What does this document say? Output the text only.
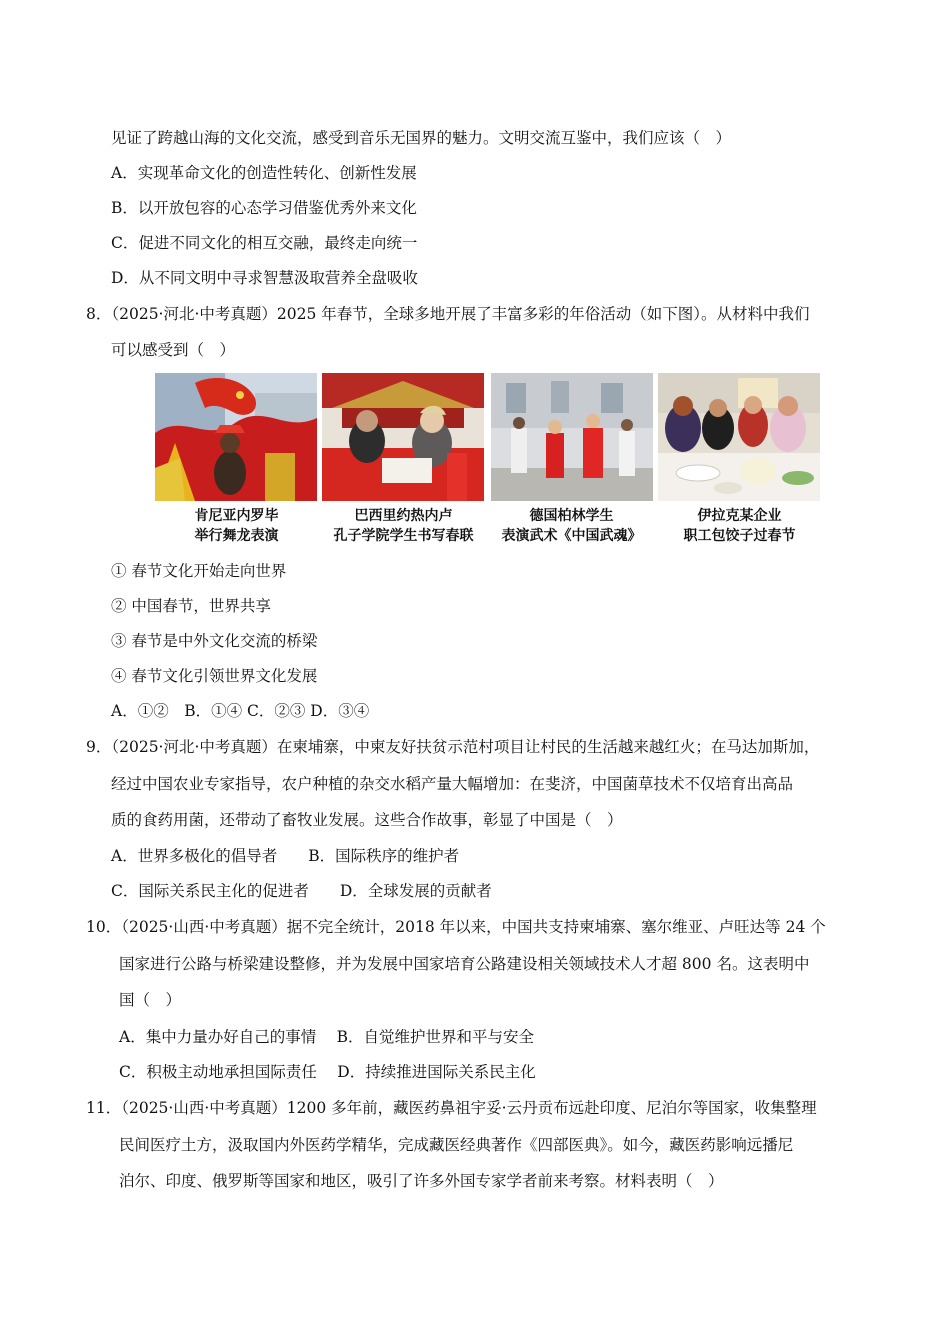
见证了跨越山海的文化交流，感受到音乐无国界的魅力。文明交流互鉴中，我们应该（　）
A．实现革命文化的创造性转化、创新性发展
B．以开放包容的心态学习借鉴优秀外来文化
C．促进不同文化的相互交融，最终走向统一
D．从不同文明中寻求智慧汲取营养全盘吸收
8．（2025·河北·中考真题）2025 年春节，全球多地开展了丰富多彩的年俗活动（如下图）。从材料中我们
可以感受到（　）
肯尼亚内罗毕
举行舞龙表演
巴西里约热内卢
孔子学院学生书写春联
德国柏林学生
表演武术《中国武魂》
伊拉克某企业
职工包饺子过春节
① 春节文化开始走向世界
② 中国春节，世界共享
③ 春节是中外文化交流的桥梁
④ 春节文化引领世界文化发展
A．①②　B．①④ C．②③ D．③④
9．（2025·河北·中考真题）在柬埔寨，中柬友好扶贫示范村项目让村民的生活越来越红火；在马达加斯加，
经过中国农业专家指导，农户种植的杂交水稻产量大幅增加：在斐济，中国菌草技术不仅培育出高品
质的食药用菌，还带动了畜牧业发展。这些合作故事，彰显了中国是（　）
A．世界多极化的倡导者　　B．国际秩序的维护者
C．国际关系民主化的促进者　　D．全球发展的贡献者
10．（2025·山西·中考真题）据不完全统计，2018 年以来，中国共支持柬埔寨、塞尔维亚、卢旺达等 24 个
国家进行公路与桥梁建设整修，并为发展中国家培育公路建设相关领域技术人才超 800 名。这表明中
国（　）
A．集中力量办好自己的事情　 B．自觉维护世界和平与安全
C．积极主动地承担国际责任　 D．持续推进国际关系民主化
11．（2025·山西·中考真题）1200 多年前，藏医药鼻祖宇妥·云丹贡布远赴印度、尼泊尔等国家，收集整理
民间医疗土方，汲取国内外医药学精华，完成藏医经典著作《四部医典》。如今，藏医药影响远播尼
泊尔、印度、俄罗斯等国家和地区，吸引了许多外国专家学者前来考察。材料表明（　）
